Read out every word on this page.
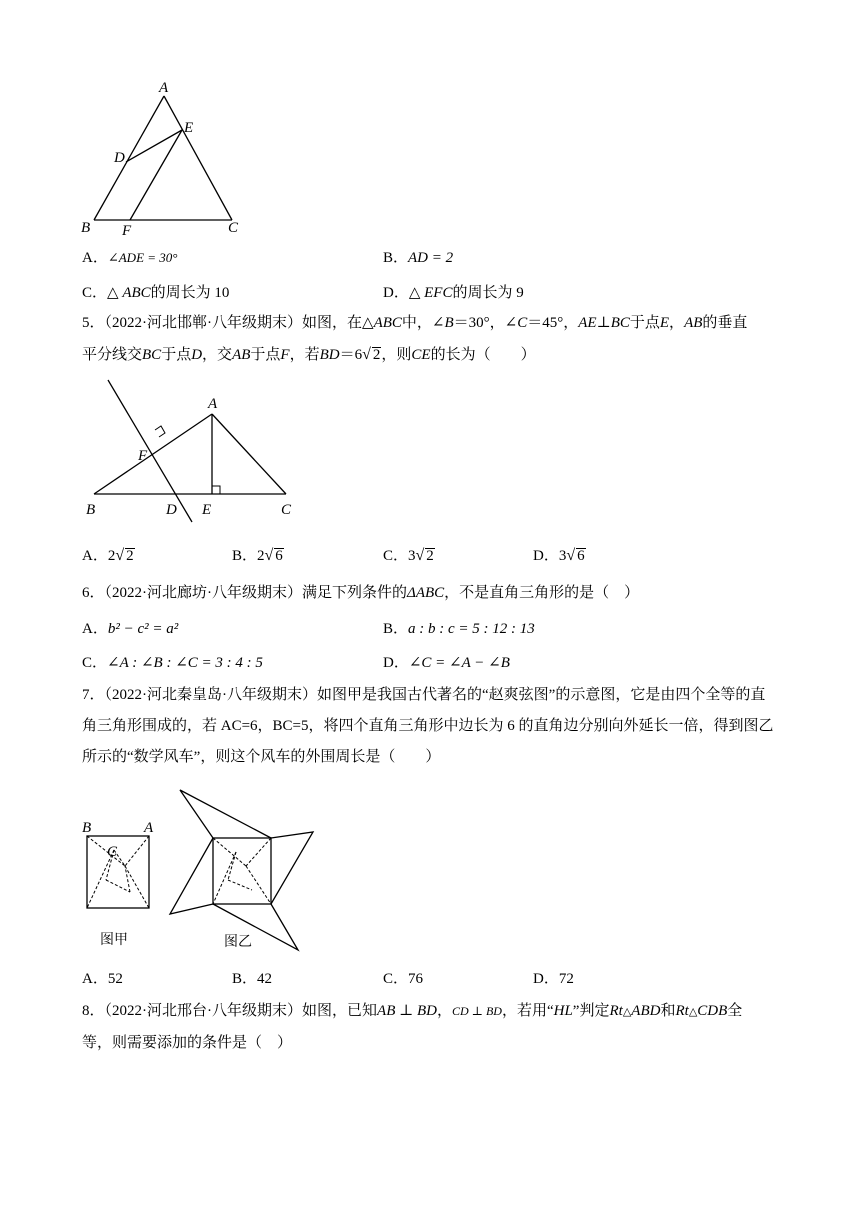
A
E
D
B F	C
A．∠ADE = 30°	B．AD = 2
C．△ ABC的周长为 10	D．△ EFC的周长为 9
5．（2022·河北邯郸·八年级期末）如图，在△ABC中，∠B＝30°，∠C＝45°，AE⊥BC于点E，AB的垂直
平分线交BC于点D，交AB于点F，若BD＝6√ 2，则CE的长为（　　）
A
F
B	D E	C
A．2√ 2	B．2√ 6	C．3√ 2	D．3√ 6
6．（2022·河北廊坊·八年级期末）满足下列条件的ΔABC，不是直角三角形的是（　）
A．b² − c² = a²	B．a : b : c = 5 : 12 : 13
C．∠A : ∠B : ∠C = 3 : 4 : 5	D．∠C = ∠A − ∠B
7．（2022·河北秦皇岛·八年级期末）如图甲是我国古代著名的“赵爽弦图”的示意图，它是由四个全等的直
角三角形围成的，若 AC=6，BC=5，将四个直角三角形中边长为 6 的直角边分别向外延长一倍，得到图乙
所示的“数学风车”，则这个风车的外围周长是（　　）
B	A
C
图甲	图乙
A．52	B．42	C．76	D．72
8．（2022·河北邢台·八年级期末）如图，已知AB ⊥ BD，CD ⊥ BD，若用“HL”判定Rt△ABD和Rt△CDB全
等，则需要添加的条件是（　）
